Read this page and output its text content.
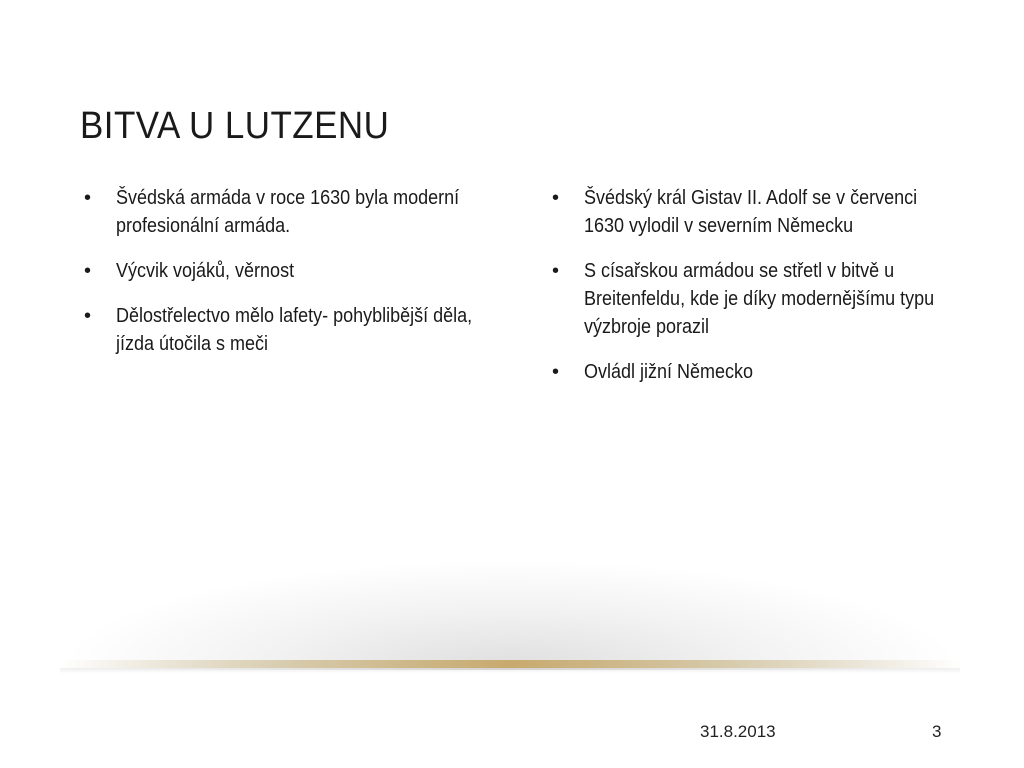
BITVA U LUTZENU
• Švédská armáda v roce 1630 byla moderní profesionální armáda.
• Výcvik vojáků, věrnost
• Dělostřelectvo mělo lafety- pohyblibější děla, jízda útočila s meči
• Švédský král Gistav II. Adolf se v červenci 1630 vylodil v severním Německu
• S císařskou armádou se střetl v bitvě u Breitenfeldu, kde je díky modernějšímu typu výzbroje porazil
• Ovládl jižní Německo
31.8.2013	3
